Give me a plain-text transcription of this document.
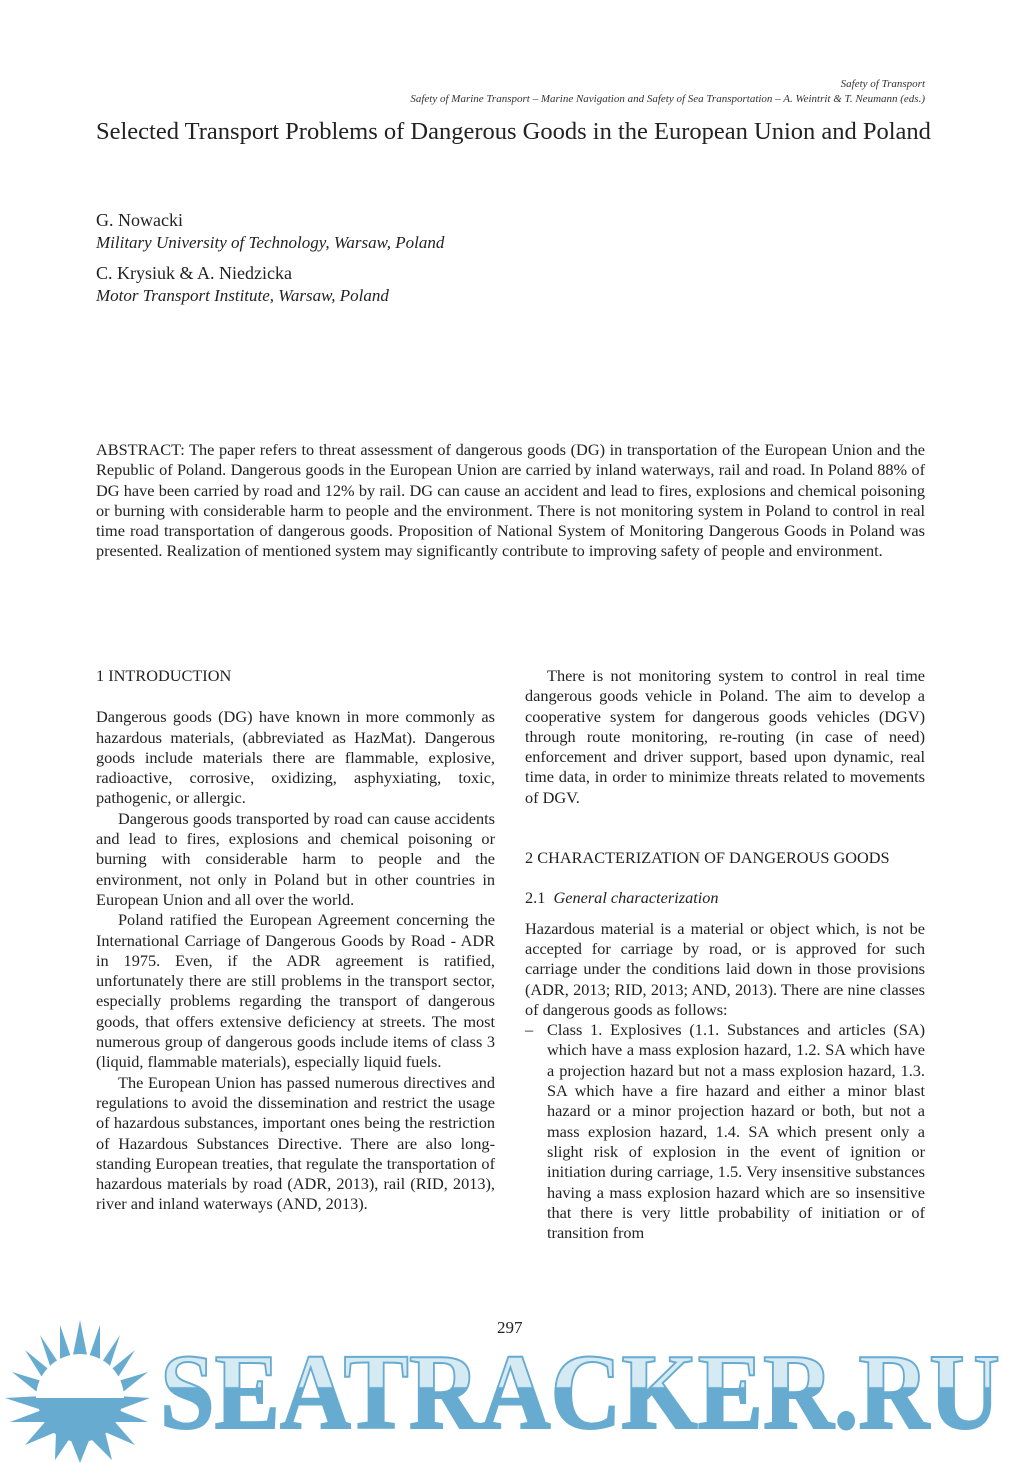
Safety of Transport
Safety of Marine Transport – Marine Navigation and Safety of Sea Transportation – A. Weintrit & T. Neumann (eds.)
Selected Transport Problems of Dangerous Goods in the European Union and Poland
G. Nowacki
Military University of Technology, Warsaw, Poland
C. Krysiuk & A. Niedzicka
Motor Transport Institute, Warsaw, Poland
ABSTRACT: The paper refers to threat assessment of dangerous goods (DG) in transportation of the European Union and the Republic of Poland. Dangerous goods in the European Union are carried by inland waterways, rail and road. In Poland 88% of DG have been carried by road and 12% by rail. DG can cause an accident and lead to fires, explosions and chemical poisoning or burning with considerable harm to people and the environment. There is not monitoring system in Poland to control in real time road transportation of dangerous goods. Proposition of National System of Monitoring Dangerous Goods in Poland was presented. Realization of mentioned system may significantly contribute to improving safety of people and environment.
1 INTRODUCTION

Dangerous goods (DG) have known in more commonly as hazardous materials, (abbreviated as HazMat). Dangerous goods include materials there are flammable, explosive, radioactive, corrosive, oxidizing, asphyxiating, toxic, pathogenic, or allergic.

Dangerous goods transported by road can cause accidents and lead to fires, explosions and chemical poisoning or burning with considerable harm to people and the environment, not only in Poland but in other countries in European Union and all over the world.

Poland ratified the European Agreement concerning the International Carriage of Dangerous Goods by Road - ADR in 1975. Even, if the ADR agreement is ratified, unfortunately there are still problems in the transport sector, especially problems regarding the transport of dangerous goods, that offers extensive deficiency at streets. The most numerous group of dangerous goods include items of class 3 (liquid, flammable materials), especially liquid fuels.

The European Union has passed numerous directives and regulations to avoid the dissemination and restrict the usage of hazardous substances, important ones being the restriction of Hazardous Substances Directive. There are also long-standing European treaties, that regulate the transportation of hazardous materials by road (ADR, 2013), rail (RID, 2013), river and inland waterways (AND, 2013).

There is not monitoring system to control in real time dangerous goods vehicle in Poland. The aim to develop a cooperative system for dangerous goods vehicles (DGV) through route monitoring, re-routing (in case of need) enforcement and driver support, based upon dynamic, real time data, in order to minimize threats related to movements of DGV.

2 CHARACTERIZATION OF DANGEROUS GOODS
2.1 General characterization

Hazardous material is a material or object which, is not be accepted for carriage by road, or is approved for such carriage under the conditions laid down in those provisions (ADR, 2013; RID, 2013; AND, 2013). There are nine classes of dangerous goods as follows:

– Class 1. Explosives (1.1. Substances and articles (SA) which have a mass explosion hazard, 1.2. SA which have a projection hazard but not a mass explosion hazard, 1.3. SA which have a fire hazard and either a minor blast hazard or a minor projection hazard or both, but not a mass explosion hazard, 1.4. SA which present only a slight risk of explosion in the event of ignition or initiation during carriage, 1.5. Very insensitive substances having a mass explosion hazard which are so insensitive that there is very little probability of initiation or of transition from

SEATRACKER.RU
297
